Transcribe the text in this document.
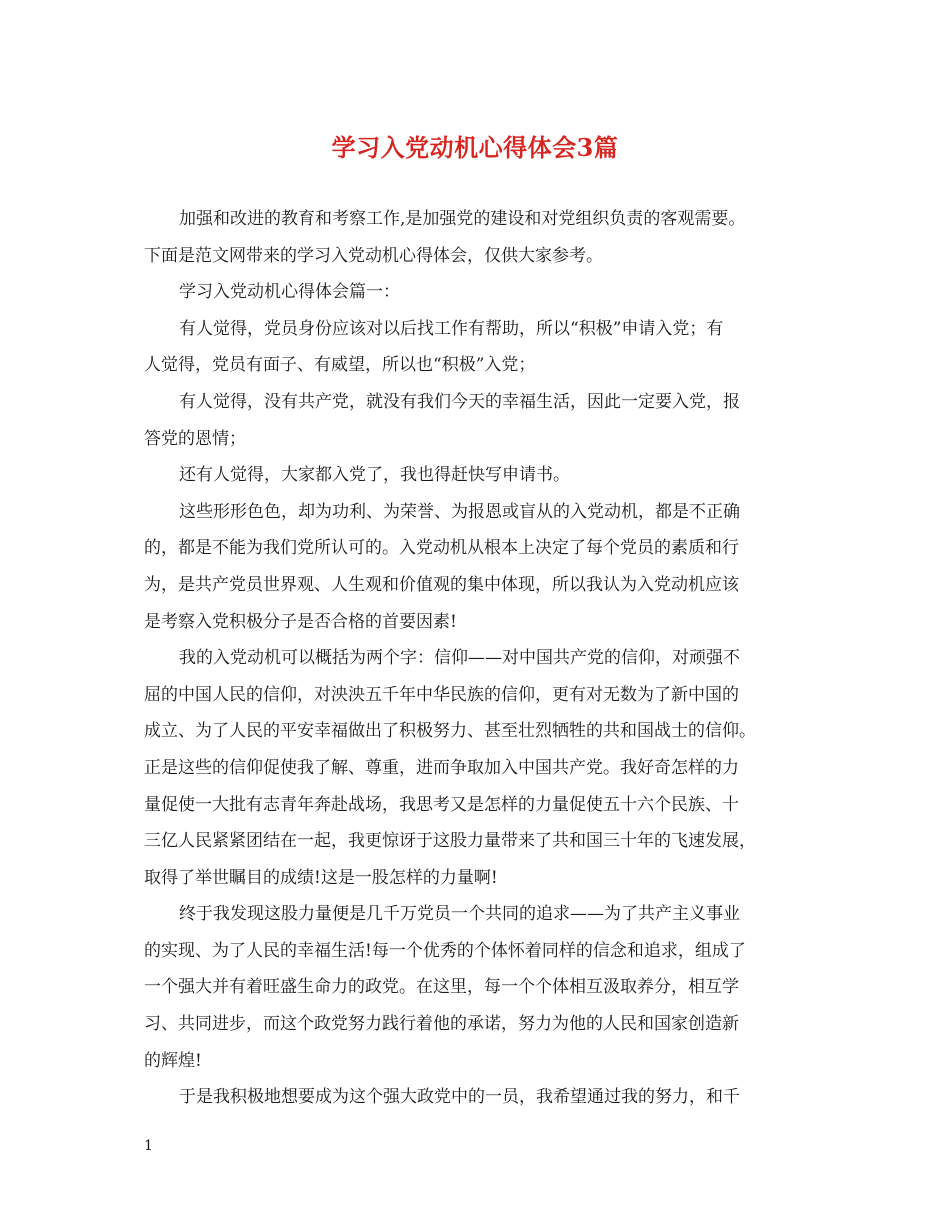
学习入党动机心得体会3篇
加强和改进的教育和考察工作,是加强党的建设和对党组织负责的客观需要。
下面是范文网带来的学习入党动机心得体会，仅供大家参考。
学习入党动机心得体会篇一：
有人觉得，党员身份应该对以后找工作有帮助，所以“积极”申请入党；有
人觉得，党员有面子、有威望，所以也“积极”入党；
有人觉得，没有共产党，就没有我们今天的幸福生活，因此一定要入党，报
答党的恩情；
还有人觉得，大家都入党了，我也得赶快写申请书。
这些形形色色，却为功利、为荣誉、为报恩或盲从的入党动机，都是不正确
的，都是不能为我们党所认可的。入党动机从根本上决定了每个党员的素质和行
为，是共产党员世界观、人生观和价值观的集中体现，所以我认为入党动机应该
是考察入党积极分子是否合格的首要因素!
我的入党动机可以概括为两个字：信仰——对中国共产党的信仰，对顽强不
屈的中国人民的信仰，对泱泱五千年中华民族的信仰，更有对无数为了新中国的
成立、为了人民的平安幸福做出了积极努力、甚至壮烈牺牲的共和国战士的信仰。
正是这些的信仰促使我了解、尊重，进而争取加入中国共产党。我好奇怎样的力
量促使一大批有志青年奔赴战场，我思考又是怎样的力量促使五十六个民族、十
三亿人民紧紧团结在一起，我更惊讶于这股力量带来了共和国三十年的飞速发展，
取得了举世瞩目的成绩!这是一股怎样的力量啊!
终于我发现这股力量便是几千万党员一个共同的追求——为了共产主义事业
的实现、为了人民的幸福生活!每一个优秀的个体怀着同样的信念和追求，组成了
一个强大并有着旺盛生命力的政党。在这里，每一个个体相互汲取养分，相互学
习、共同进步，而这个政党努力践行着他的承诺，努力为他的人民和国家创造新
的辉煌!
于是我积极地想要成为这个强大政党中的一员，我希望通过我的努力，和千
1
